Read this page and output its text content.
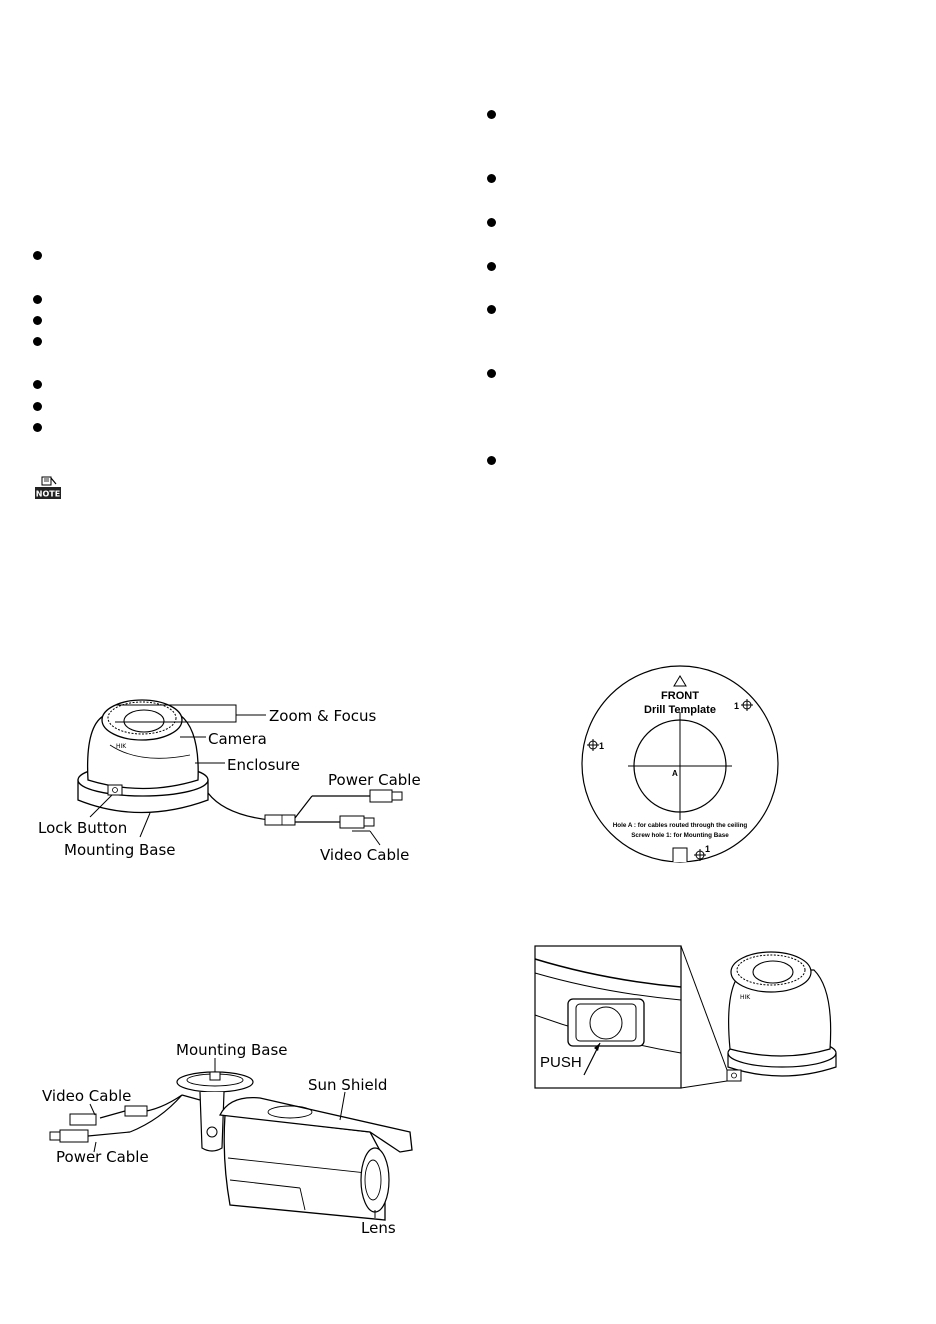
NOTE
HIK
Zoom & Focus
Camera
Enclosure
Power Cable
Lock Button
Mounting Base	Video Cable
FRONT
Drill Template
A
1
1
1
Hole A : for cables routed through the ceiling
Screw hole 1: for Mounting Base
PUSH
HIK
Mounting Base
Sun Shield
Video Cable
Power Cable
Lens
